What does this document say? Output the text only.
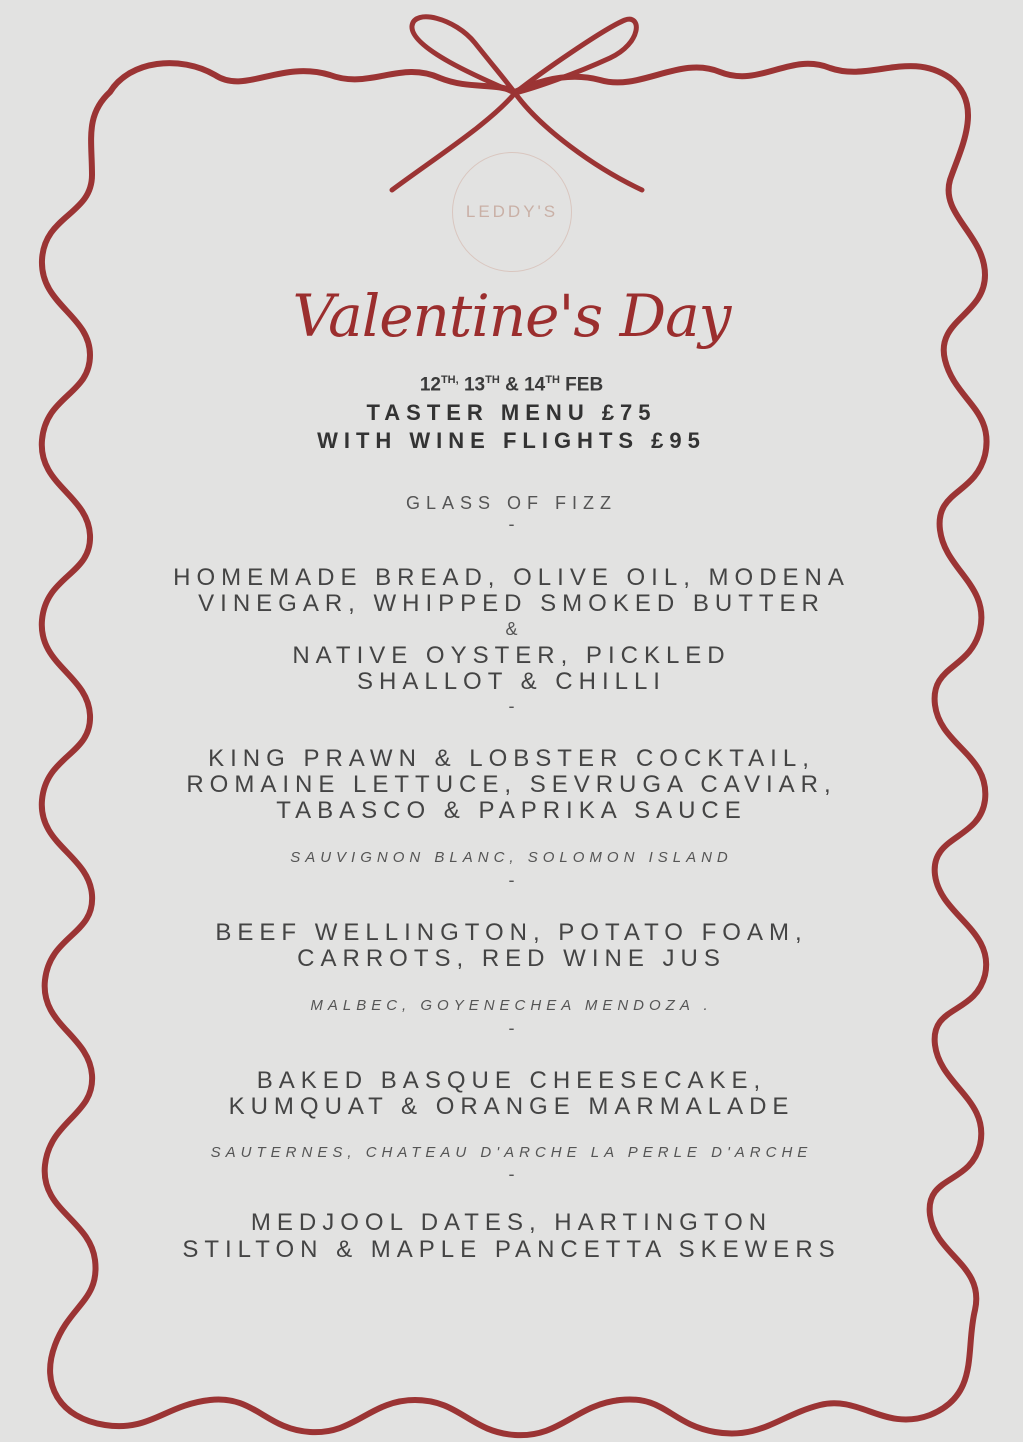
LEDDY'S
Valentine's Day
$12^{TH,}$ 13TH & 14TH FEB
TASTER MENU £75
WITH WINE FLIGHTS £95
GLASS OF FIZZ
-
HOMEMADE BREAD, OLIVE OIL, MODENA
VINEGAR, WHIPPED SMOKED BUTTER
&
NATIVE OYSTER, PICKLED
SHALLOT & CHILLI
-
KING PRAWN & LOBSTER COCKTAIL,
ROMAINE LETTUCE, SEVRUGA CAVIAR,
TABASCO & PAPRIKA SAUCE
SAUVIGNON BLANC, SOLOMON ISLAND
-
BEEF WELLINGTON, POTATO FOAM,
CARROTS, RED WINE JUS
MALBEC, GOYENECHEA MENDOZA .
-
BAKED BASQUE CHEESECAKE,
KUMQUAT & ORANGE MARMALADE
SAUTERNES, CHATEAU D'ARCHE LA PERLE D'ARCHE
-
MEDJOOL DATES, HARTINGTON
STILTON & MAPLE PANCETTA SKEWERS
